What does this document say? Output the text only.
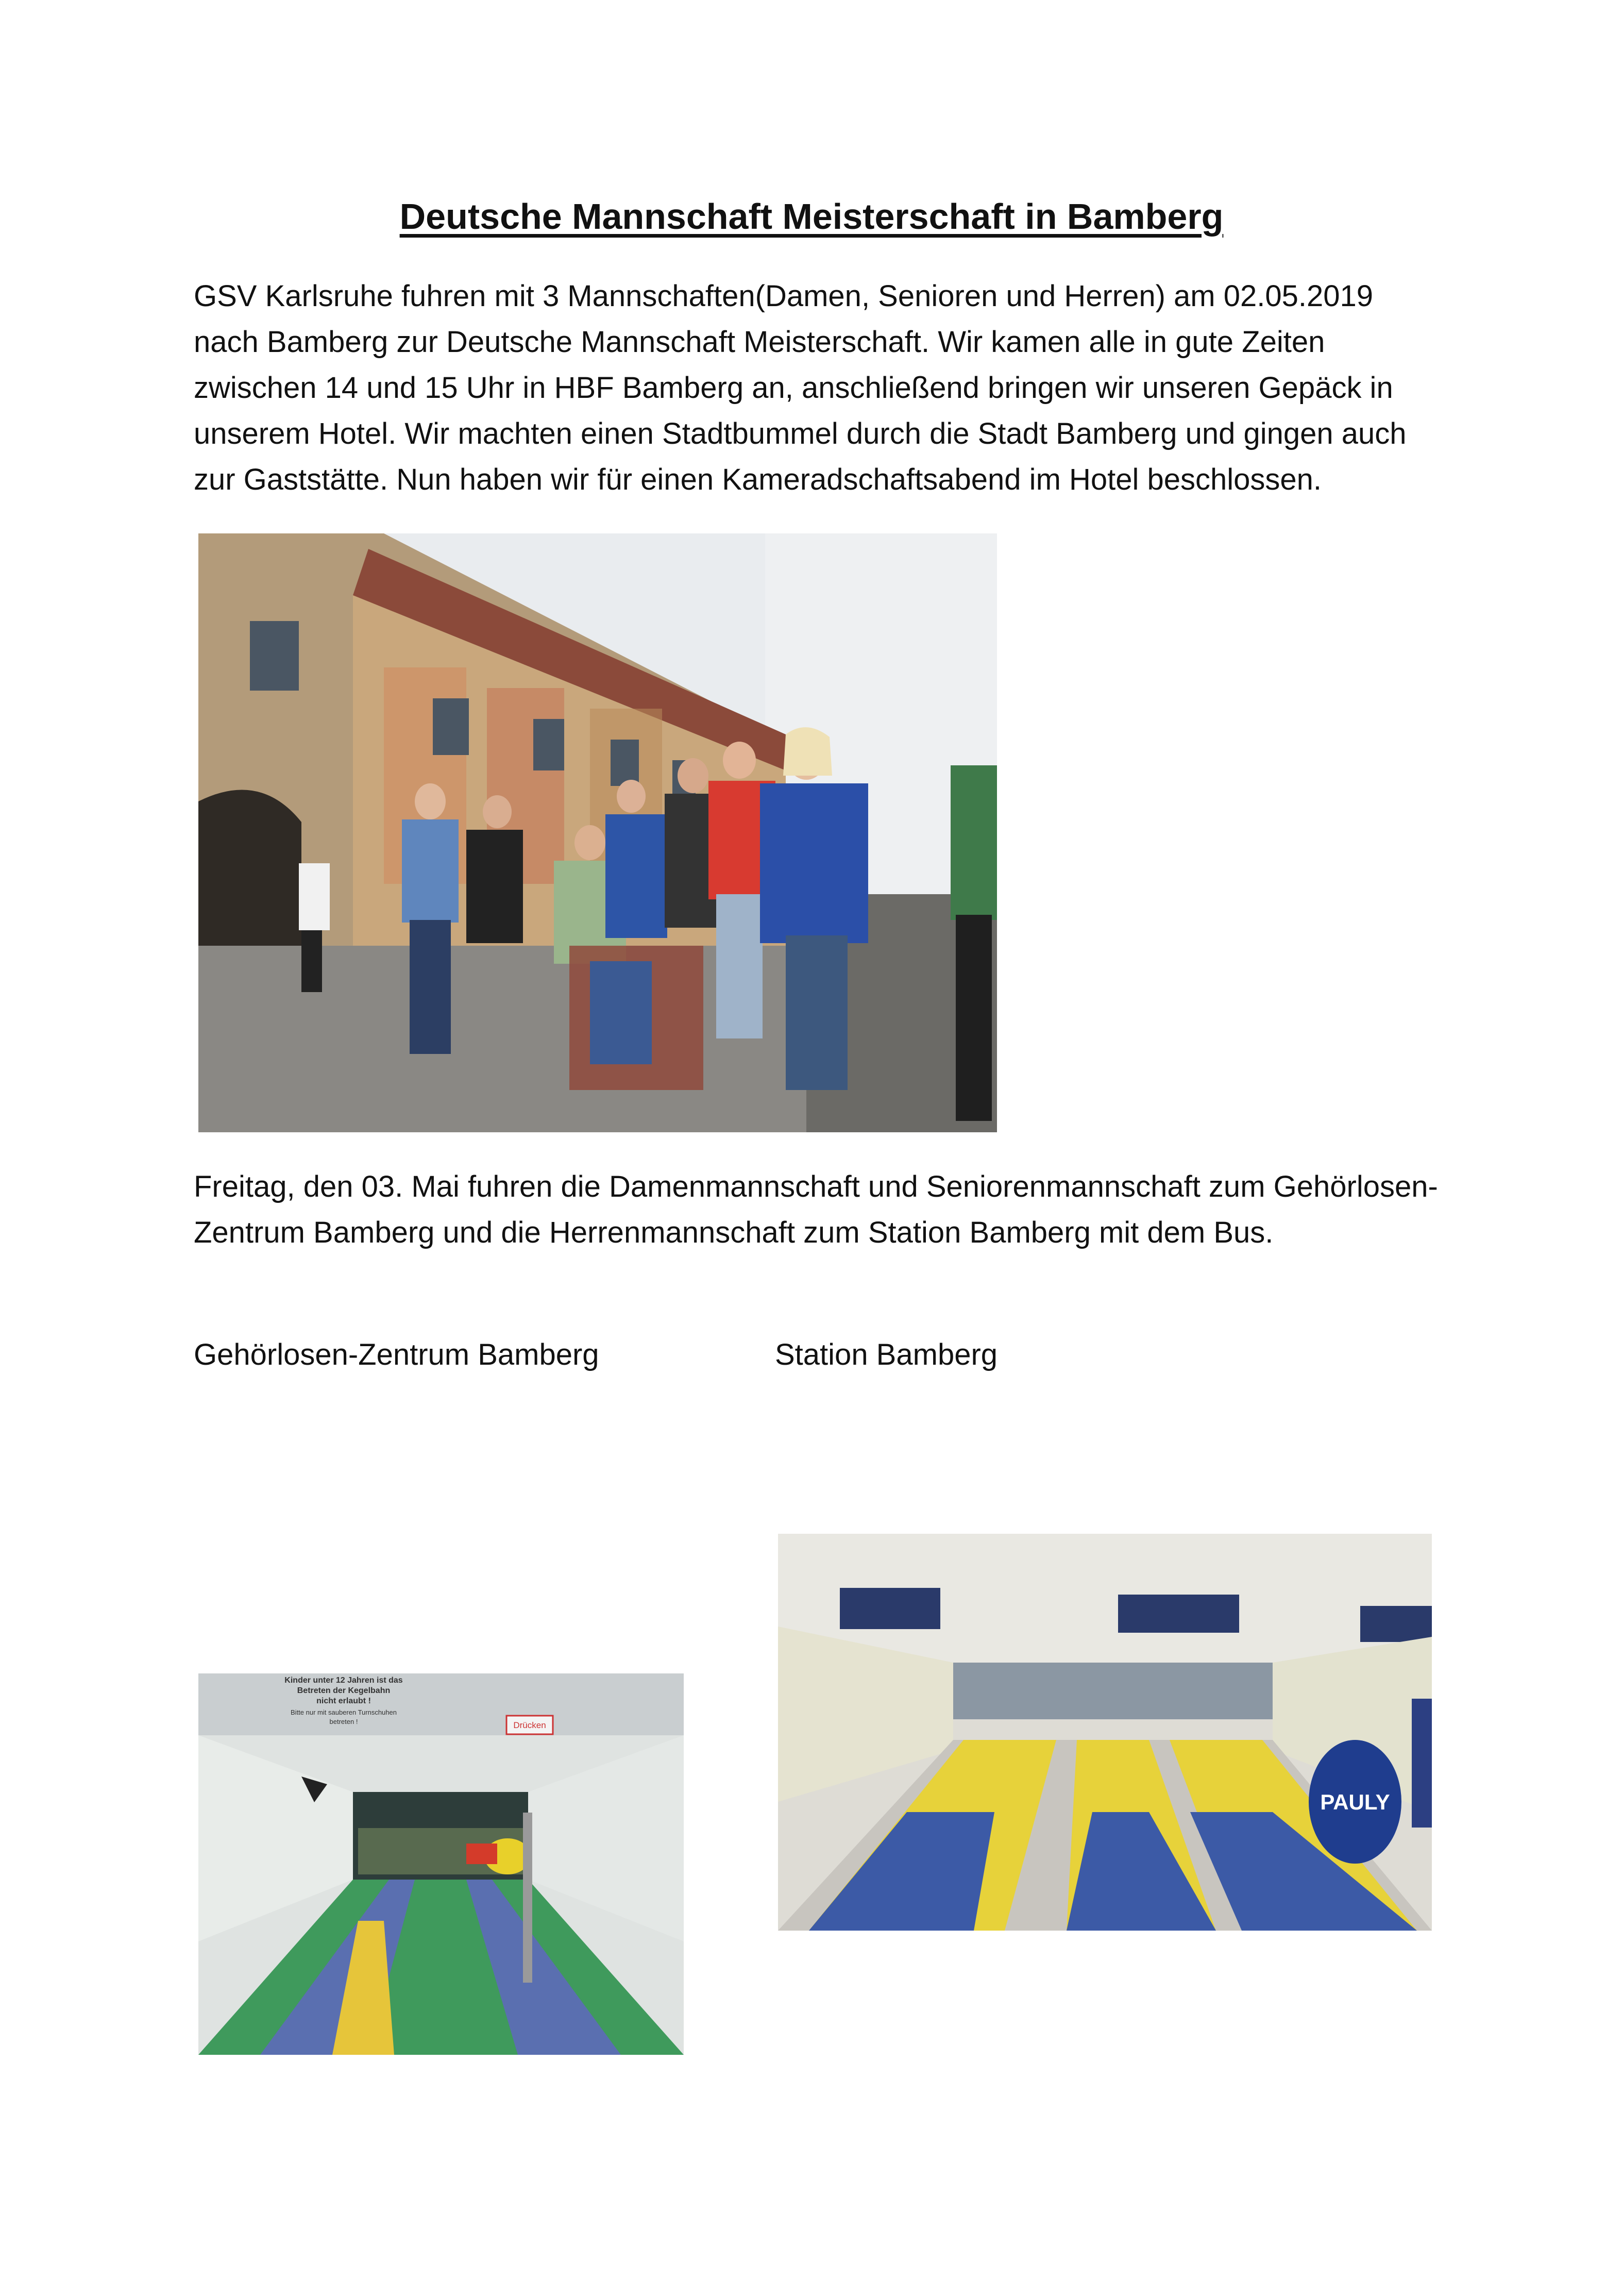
Deutsche Mannschaft Meisterschaft in Bamberg

GSV Karlsruhe fuhren mit 3 Mannschaften(Damen, Senioren und Herren) am 02.05.2019 nach Bamberg zur Deutsche Mannschaft Meisterschaft. Wir kamen alle in gute Zeiten zwischen 14 und 15 Uhr in HBF Bamberg an, anschließend bringen wir unseren Gepäck in unserem Hotel. Wir machten einen Stadtbummel durch die Stadt Bamberg und gingen auch zur Gaststätte. Nun haben wir für einen Kameradschaftsabend im Hotel beschlossen.

Freitag, den 03. Mai fuhren die Damenmannschaft und Seniorenmannschaft zum Gehörlosen-Zentrum Bamberg und die Herrenmannschaft zum Station Bamberg mit dem Bus.

Gehörlosen-Zentrum Bamberg	Station Bamberg
Drücken
Kinder unter 12 Jahren ist das
Betreten der Kegelbahn
nicht erlaubt !
Bitte nur mit sauberen Turnschuhen
betreten !
PAULY
